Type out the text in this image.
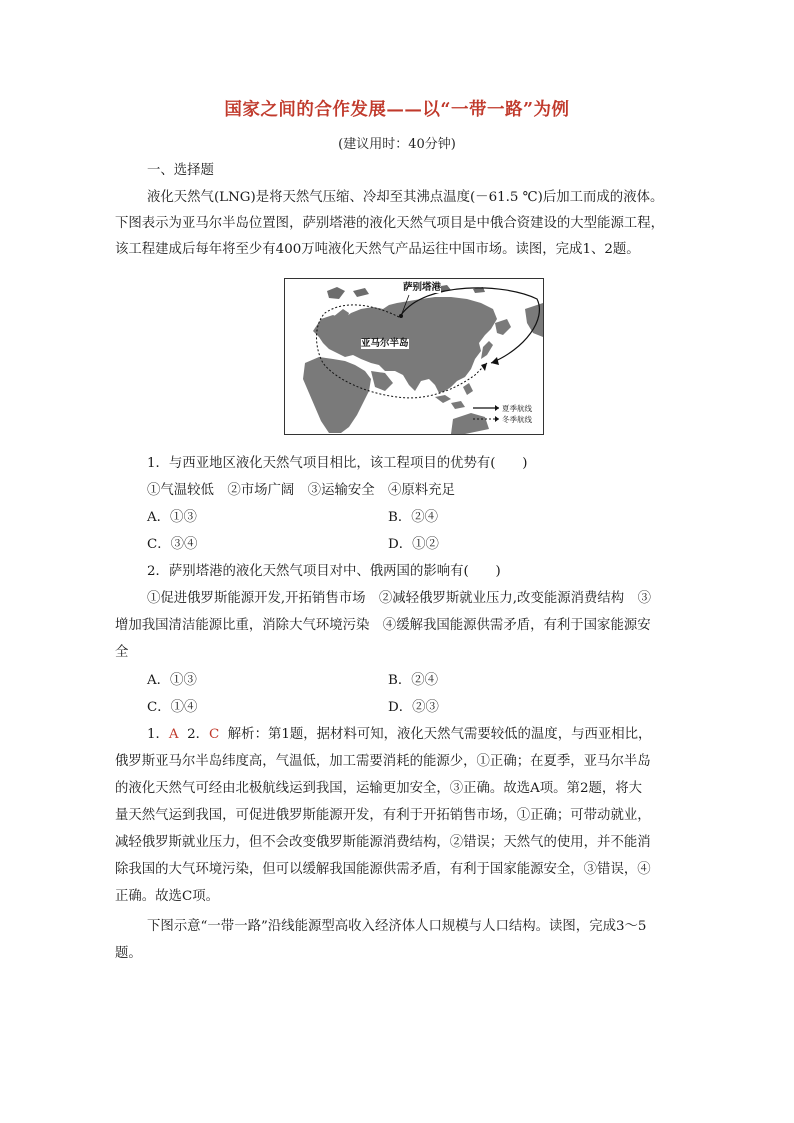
国家之间的合作发展——以“一带一路”为例
(建议用时：40分钟)
一、选择题
液化天然气(LNG)是将天然气压缩、冷却至其沸点温度(－61.5 ℃)后加工而成的液体。
下图表示为亚马尔半岛位置图，萨别塔港的液化天然气项目是中俄合资建设的大型能源工程，
该工程建成后每年将至少有400万吨液化天然气产品运往中国市场。读图，完成1、2题。
萨别塔港
亚马尔半岛
夏季航线
冬季航线
1．与西亚地区液化天然气项目相比，该工程项目的优势有(　　)
①气温较低　②市场广阔　③运输安全　④原料充足
A．①③	B．②④
C．③④	D．①②
2．萨别塔港的液化天然气项目对中、俄两国的影响有(　　)
①促进俄罗斯能源开发,开拓销售市场　②减轻俄罗斯就业压力,改变能源消费结构　③
增加我国清洁能源比重，消除大气环境污染　④缓解我国能源供需矛盾，有利于国家能源安
全
A．①③	B．②④
C．①④	D．②③
1．A 2．C 解析：第1题，据材料可知，液化天然气需要较低的温度，与西亚相比，
俄罗斯亚马尔半岛纬度高，气温低，加工需要消耗的能源少，①正确；在夏季，亚马尔半岛
的液化天然气可经由北极航线运到我国，运输更加安全，③正确。故选A项。第2题，将大
量天然气运到我国，可促进俄罗斯能源开发，有利于开拓销售市场，①正确；可带动就业，
减轻俄罗斯就业压力，但不会改变俄罗斯能源消费结构，②错误；天然气的使用，并不能消
除我国的大气环境污染，但可以缓解我国能源供需矛盾，有利于国家能源安全，③错误，④
正确。故选C项。
下图示意“一带一路”沿线能源型高收入经济体人口规模与人口结构。读图，完成3～5
题。
